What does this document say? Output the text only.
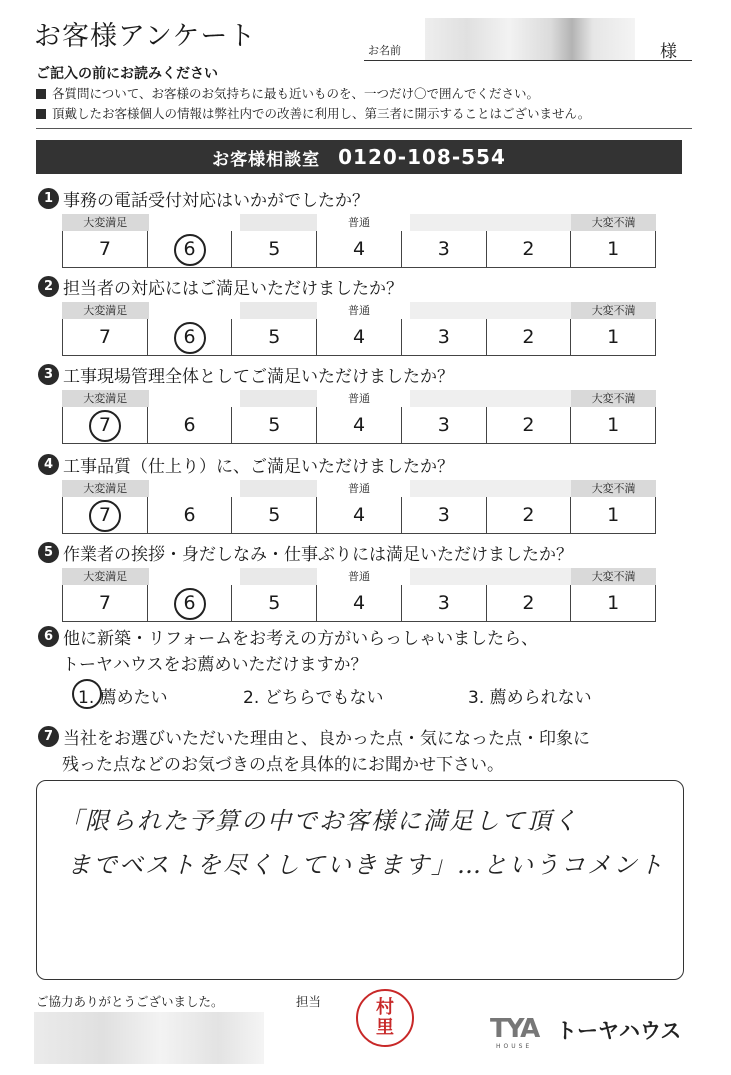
お客様アンケート	お名前	様
ご記入の前にお読みください
各質問について、お客様のお気持ちに最も近いものを、一つだけ〇で囲んでください。
頂戴したお客様個人の情報は弊社内での改善に利用し、第三者に開示することはございません。
お客様相談室 0120-108-554
1 事務の電話受付対応はいかがでしたか？
大変満足	普通	大変不満
7	6	5	4	3	2	1
2 担当者の対応にはご満足いただけましたか？
大変満足	普通	大変不満
7	6	5	4	3	2	1
3 工事現場管理全体としてご満足いただけましたか？
大変満足	普通	大変不満
7	6	5	4	3	2	1
4 工事品質（仕上り）に、ご満足いただけましたか？
大変満足	普通	大変不満
7	6	5	4	3	2	1
5 作業者の挨拶・身だしなみ・仕事ぶりには満足いただけましたか？
大変満足	普通	大変不満
7	6	5	4	3	2	1
6 他に新築・リフォームをお考えの方がいらっしゃいましたら、
トーヤハウスをお薦めいただけますか？
1. 薦めたい	2. どちらでもない	3. 薦められない
7 当社をお選びいただいた理由と、良かった点・気になった点・印象に
残った点などのお気づきの点を具体的にお聞かせ下さい。
「限られた予算の中でお客様に満足して頂く
までベストを尽くしていきます」…というコメント
ご協力ありがとうございました。	担当	村
里	TYA
HOUSE
トーヤハウス
